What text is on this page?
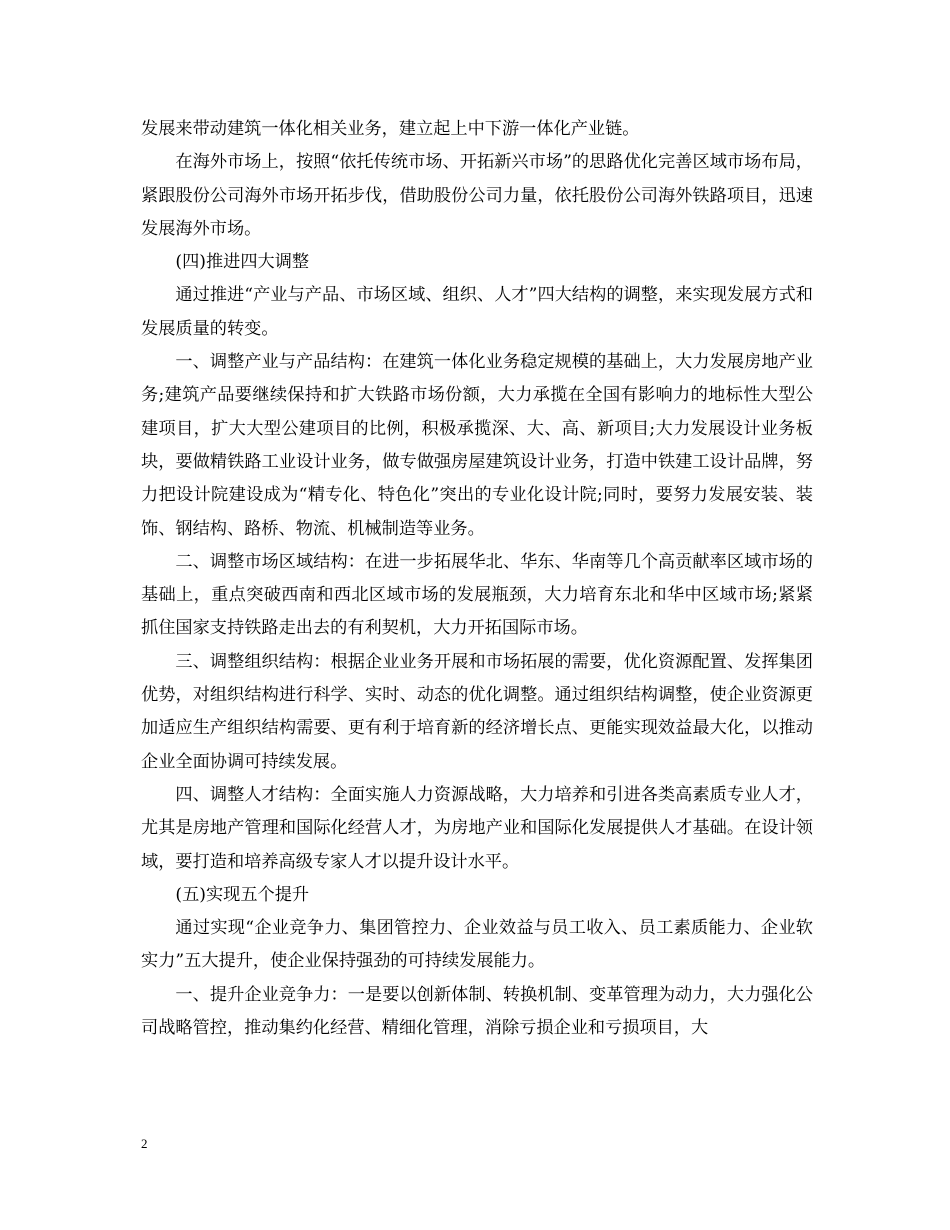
发展来带动建筑一体化相关业务，建立起上中下游一体化产业链。

在海外市场上，按照“依托传统市场、开拓新兴市场”的思路优化完善区域市场布局，紧跟股份公司海外市场开拓步伐，借助股份公司力量，依托股份公司海外铁路项目，迅速发展海外市场。

(四)推进四大调整

通过推进“产业与产品、市场区域、组织、人才”四大结构的调整，来实现发展方式和发展质量的转变。

一、调整产业与产品结构：在建筑一体化业务稳定规模的基础上，大力发展房地产业务;建筑产品要继续保持和扩大铁路市场份额，大力承揽在全国有影响力的地标性大型公建项目，扩大大型公建项目的比例，积极承揽深、大、高、新项目;大力发展设计业务板块，要做精铁路工业设计业务，做专做强房屋建筑设计业务，打造中铁建工设计品牌，努力把设计院建设成为“精专化、特色化”突出的专业化设计院;同时，要努力发展安装、装饰、钢结构、路桥、物流、机械制造等业务。

二、调整市场区域结构：在进一步拓展华北、华东、华南等几个高贡献率区域市场的基础上，重点突破西南和西北区域市场的发展瓶颈，大力培育东北和华中区域市场;紧紧抓住国家支持铁路走出去的有利契机，大力开拓国际市场。

三、调整组织结构：根据企业业务开展和市场拓展的需要，优化资源配置、发挥集团优势，对组织结构进行科学、实时、动态的优化调整。通过组织结构调整，使企业资源更加适应生产组织结构需要、更有利于培育新的经济增长点、更能实现效益最大化，以推动企业全面协调可持续发展。

四、调整人才结构：全面实施人力资源战略，大力培养和引进各类高素质专业人才，尤其是房地产管理和国际化经营人才，为房地产业和国际化发展提供人才基础。在设计领域，要打造和培养高级专家人才以提升设计水平。

(五)实现五个提升

通过实现“企业竞争力、集团管控力、企业效益与员工收入、员工素质能力、企业软实力”五大提升，使企业保持强劲的可持续发展能力。

一、提升企业竞争力：一是要以创新体制、转换机制、变革管理为动力，大力强化公司战略管控，推动集约化经营、精细化管理，消除亏损企业和亏损项目，大

2
